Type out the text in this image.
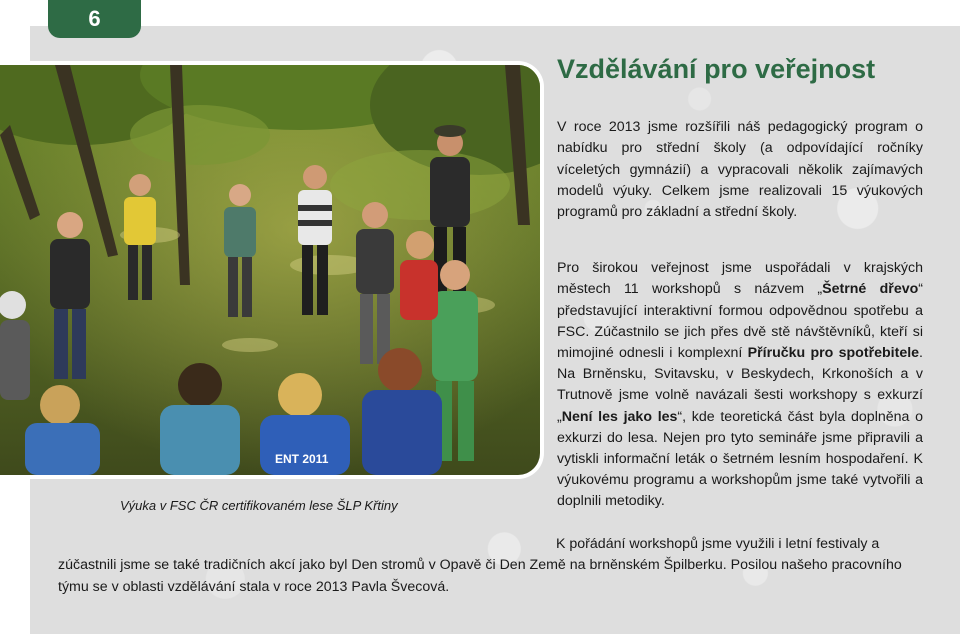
6
ENT 2011
Výuka v FSC ČR certifikovaném lese ŠLP Křtiny
Vzdělávání pro veřejnost

V roce 2013 jsme rozšířili náš pedagogický program o nabídku pro střední školy (a odpovídající ročníky víceletých gymnázií) a vypracovali několik zajímavých modelů výuky. Celkem jsme realizovali 15 výukových programů pro základní a střední školy.

Pro širokou veřejnost jsme uspořádali v krajských městech 11 workshopů s názvem „Šetrné dřevo“ představující interaktivní formou odpovědnou spotřebu a FSC. Zúčastnilo se jich přes dvě stě návštěvníků, kteří si mimojiné odnesli i komplexní Příručku pro spotřebitele. Na Brněnsku, Svitavsku, v Beskydech, Krkonoších a v Trutnově jsme volně navázali šesti workshopy s exkurzí „Není les jako les“, kde teoretická část byla doplněna o exkurzi do lesa. Nejen pro tyto semináře jsme připravili a vytiskli informační leták o šetrném lesním hospodaření. K výukovému programu a workshopům jsme také vytvořili a doplnili metodiky.

K pořádání workshopů jsme využili i letní festivaly a zúčastnili jsme se také tradičních akcí jako byl Den stromů v Opavě či Den Země na brněnském Špilberku. Posilou našeho pracovního týmu se v oblasti vzdělávání stala v roce 2013 Pavla Švecová.
